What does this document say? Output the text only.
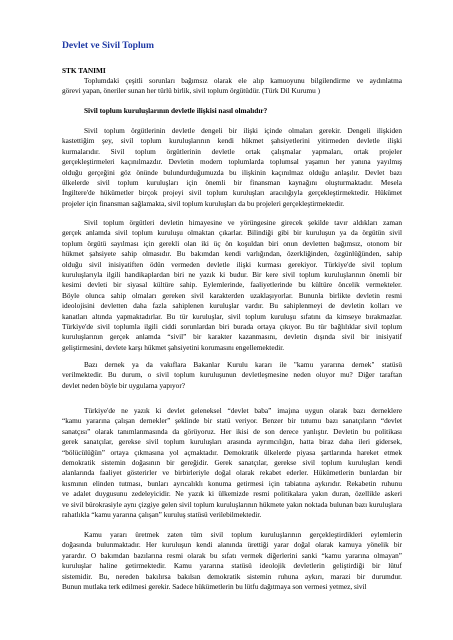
Devlet ve Sivil Toplum
STK TANIMI
Toplumdaki çeşitli sorunları bağımsız olarak ele alıp kamuoyunu bilgilendirme ve aydınlatma
görevi yapan, öneriler sunan her türlü birlik, sivil toplum örgütüdür. (Türk Dil Kurumu )
Sivil toplum kuruluşlarının devletle ilişkisi nasıl olmalıdır?
Sivil toplum örgütlerinin devletle dengeli bir ilişki içinde olmaları gerekir. Dengeli ilişkiden
kastettiğim şey, sivil toplum kuruluşlarının kendi hükmet şahsiyetlerini yitirmeden devletle ilişki
kurmalarıdır. Sivil toplum örgütlerinin devletle ortak çalışmalar yapmaları, ortak projeler
gerçekleştirmeleri kaçınılmazdır. Devletin modern toplumlarda toplumsal yaşamın her yanına yayılmış
olduğu gerçeğini göz önünde bulundurduğumuzda bu ilişkinin kaçınılmaz olduğu anlaşılır. Devlet bazı
ülkelerde sivil toplum kuruluşları için önemli bir finansman kaynağını oluşturmaktadır. Mesela
İngiltere'de hükümetler birçok projeyi sivil toplum kuruluşları aracılığıyla gerçekleştirmektedir. Hükümet
projeler için finansman sağlamakta, sivil toplum kuruluşları da bu projeleri gerçekleştirmektedir.
Sivil toplum örgütleri devletin himayesine ve yörüngesine girecek şekilde tavır aldıkları zaman
gerçek anlamda sivil toplum kuruluşu olmaktan çıkarlar. Bilindiği gibi bir kuruluşun ya da örgütün sivil
toplum örgütü sayılması için gerekli olan iki üç ön koşuldan biri onun devletten bağımsız, otonom bir
hükmet şahsiyete sahip olmasıdır. Bu bakımdan kendi varlığından, özerkliğinden, özgünlüğünden, sahip
olduğu sivil inisiyatiften ödün vermeden devletle ilişki kurması gerekiyor. Türkiye'de sivil toplum
kuruluşlarıyla ilgili handikaplardan biri ne yazık ki budur. Bir kere sivil toplum kuruluşlarının önemli bir
kesimi devleti bir siyasal kültüre sahip. Eylemlerinde, faaliyetlerinde bu kültüre öncelik vermekteler.
Böyle olunca sahip olmaları gereken sivil karakterden uzaklaşıyorlar. Bununla birlikte devletin resmi
ideolojisini devletten daha fazla sahiplenen kuruluşlar vardır. Bu sahiplenmeyi de devletin kolları ve
kanatları altında yapmaktadırlar. Bu tür kuruluşlar, sivil toplum kuruluşu sıfatını da kimseye bırakmazlar.
Türkiye'de sivil toplumla ilgili ciddi sorunlardan biri burada ortaya çıkıyor. Bu tür bağlılıklar sivil toplum
kuruluşlarının gerçek anlamda “sivil” bir karakter kazanmasını, devletin dışında sivil bir inisiyatif
geliştirmesini, devlete karşı hükmet şahsiyetini korumasını engellemektedir.
Bazı dernek ya da vakıflara Bakanlar Kurulu kararı ile "kamu yararına dernek" statüsü
verilmektedir. Bu durum, o sivil toplum kuruluşunun devletleşmesine neden oluyor mu? Diğer taraftan
devlet neden böyle bir uygulama yapıyor?
Türkiye'de ne yazık ki devlet geleneksel “devlet baba” imajına uygun olarak bazı derneklere
“kamu yararına çalışan dernekler” şeklinde bir statü veriyor. Benzer bir tutumu bazı sanatçıların “devlet
sanatçısı” olarak tanımlanmasında da görüyoruz. Her ikisi de son derece yanlıştır. Devletin bu politikası
gerek sanatçılar, gerekse sivil toplum kuruluşları arasında ayrımcılığın, hatta biraz daha ileri gidersek,
“bölücülüğün” ortaya çıkmasına yol açmaktadır. Demokratik ülkelerde piyasa şartlarında hareket etmek
demokratik sistemin doğasının bir gereğidir. Gerek sanatçılar, gerekse sivil toplum kuruluşları kendi
alanlarında faaliyet gösterirler ve birbirleriyle doğal olarak rekabet ederler. Hükümetlerin bunlardan bir
kısmının elinden tutması, bunları ayrıcalıklı konuma getirmesi için tabiatına aykırıdır. Rekabetin ruhunu
ve adalet duygusunu zedeleyicidir. Ne yazık ki ülkemizde resmi politikalara yakın duran, özellikle askeri
ve sivil bürokrasiyle aynı çizgiye gelen sivil toplum kuruluşlarının hükmete yakın noktada bulunan bazı kuruluşlara
rahatlıkla “kamu yararına çalışan” kuruluş statüsü verilebilmektedir.
Kamu yararı üretmek zaten tüm sivil toplum kuruluşlarının gerçekleştirdikleri eylemlerin
doğasında bulunmaktadır. Her kuruluşun kendi alanında ürettiği yarar doğal olarak kamuya yönelik bir
yarardır. O bakımdan bazılarına resmi olarak bu sıfatı vermek diğerlerini sanki “kamu yararına olmayan”
kuruluşlar haline getirmektedir. Kamu yararına statüsü ideolojik devletlerin geliştirdiği bir lütuf
sistemidir. Bu, nereden bakılırsa bakılsın demokratik sistemin ruhuna aykırı, marazi bir durumdur.
Bunun mutlaka terk edilmesi gerekir. Sadece hükümetlerin bu lütfu dağıtmaya son vermesi yetmez, sivil
